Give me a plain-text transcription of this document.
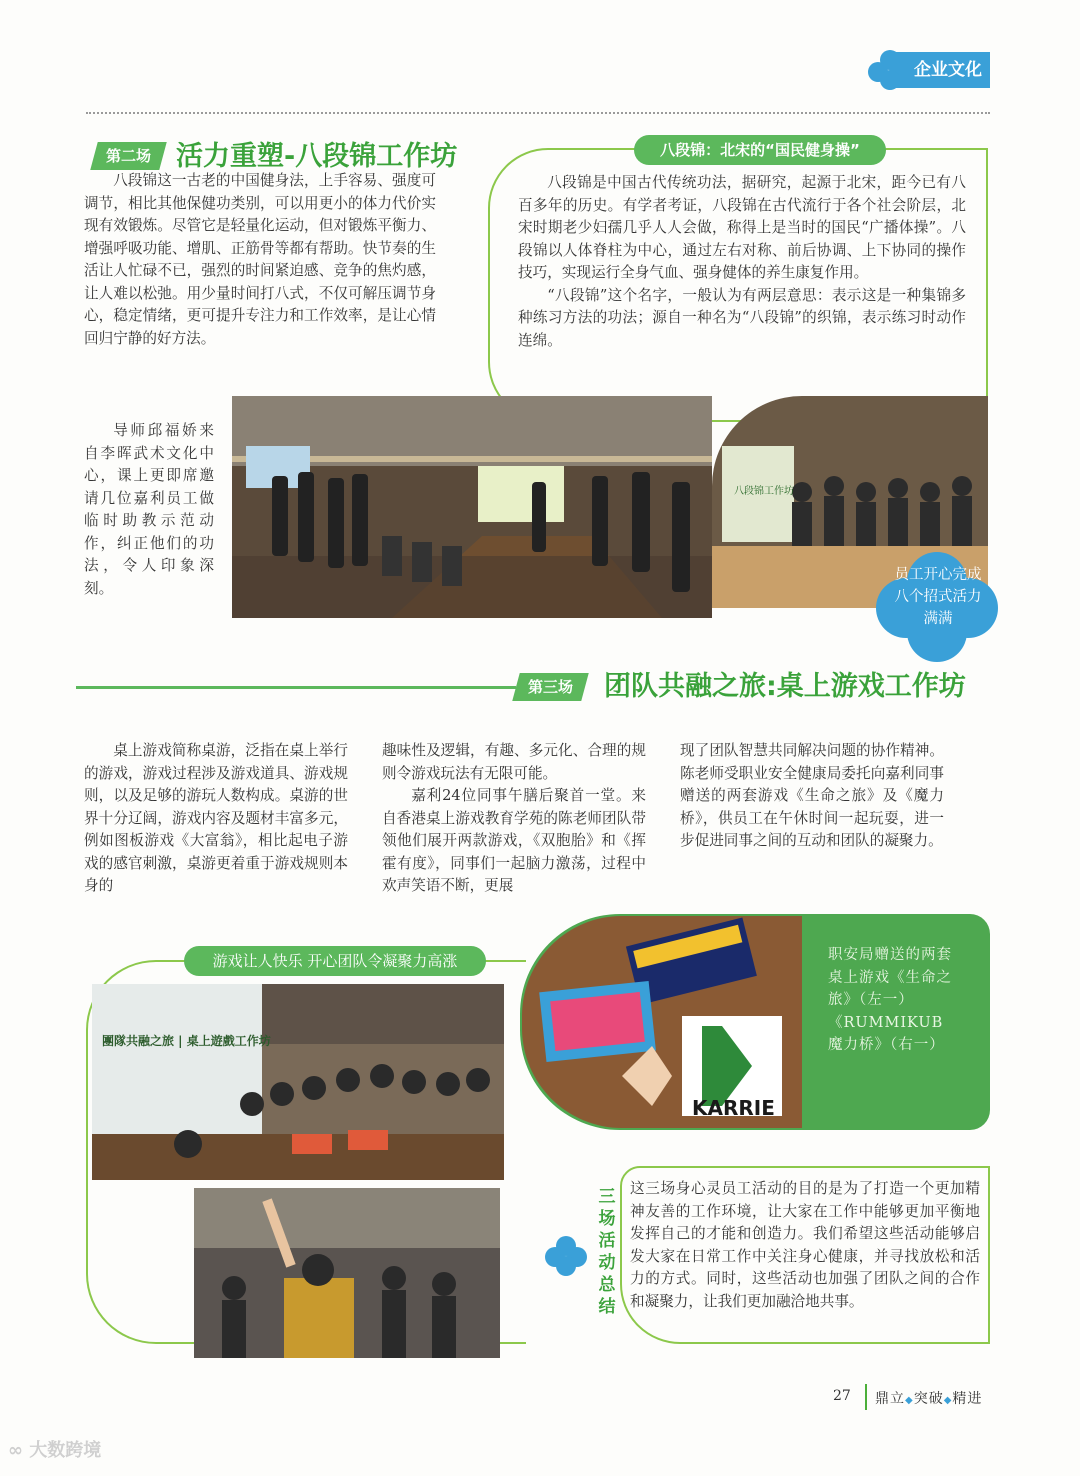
企业文化
第二场 活力重塑-八段锦工作坊

八段锦这一古老的中国健身法，上手容易、强度可调节，相比其他保健功类别，可以用更小的体力代价实现有效锻炼。尽管它是轻量化运动，但对锻炼平衡力、增强呼吸功能、增肌、正筋骨等都有帮助。快节奏的生活让人忙碌不已，强烈的时间紧迫感、竞争的焦灼感，让人难以松弛。用少量时间打八式，不仅可解压调节身心，稳定情绪，更可提升专注力和工作效率，是让心情回归宁静的好方法。

导师邱福娇来自李晖武术文化中心，课上更即席邀请几位嘉利员工做临时助教示范动作，纠正他们的功法，令人印象深刻。

八段锦：北宋的“国民健身操”

八段锦是中国古代传统功法，据研究，起源于北宋，距今已有八百多年的历史。有学者考证，八段锦在古代流行于各个社会阶层，北宋时期老少妇孺几乎人人会做，称得上是当时的国民“广播体操”。八段锦以人体脊柱为中心，通过左右对称、前后协调、上下协同的操作技巧，实现运行全身气血、强身健体的养生康复作用。

“八段锦”这个名字，一般认为有两层意思：表示这是一种集锦多种练习方法的功法；源自一种名为“八段锦”的织锦，表示练习时动作连绵。

八段锦工作坊
员工开心完成八个招式活力满满
第三场	团队共融之旅:桌上游戏工作坊

桌上游戏简称桌游，泛指在桌上举行的游戏，游戏过程涉及游戏道具、游戏规则，以及足够的游玩人数构成。桌游的世界十分辽阔，游戏内容及题材丰富多元，例如图板游戏《大富翁》，相比起电子游戏的感官刺激，桌游更着重于游戏规则本身的

趣味性及逻辑，有趣、多元化、合理的规则令游戏玩法有无限可能。

嘉利24位同事午膳后聚首一堂。来自香港桌上游戏教育学苑的陈老师团队带领他们展开两款游戏，《双胞胎》和《挥霍有度》，同事们一起脑力激荡，过程中欢声笑语不断，更展

现了团队智慧共同解决问题的协作精神。陈老师受职业安全健康局委托向嘉利同事赠送的两套游戏《生命之旅》及《魔力桥》，供员工在午休时间一起玩耍，进一步促进同事之间的互动和团队的凝聚力。

游戏让人快乐 开心团队令凝聚力高涨
團隊共融之旅 | 桌上遊戲工作坊
KARRIE
职安局赠送的两套桌上游戏《生命之旅》（左一）《RUMMIKUB魔力桥》（右一）
三场活动总结

这三场身心灵员工活动的目的是为了打造一个更加精神友善的工作环境，让大家在工作中能够更加平衡地发挥自己的才能和创造力。我们希望这些活动能够启发大家在日常工作中关注身心健康，并寻找放松和活力的方式。同时，这些活动也加强了团队之间的合作和凝聚力，让我们更加融洽地共事。

27 鼎立◆突破◆精进
∞ 大数跨境
